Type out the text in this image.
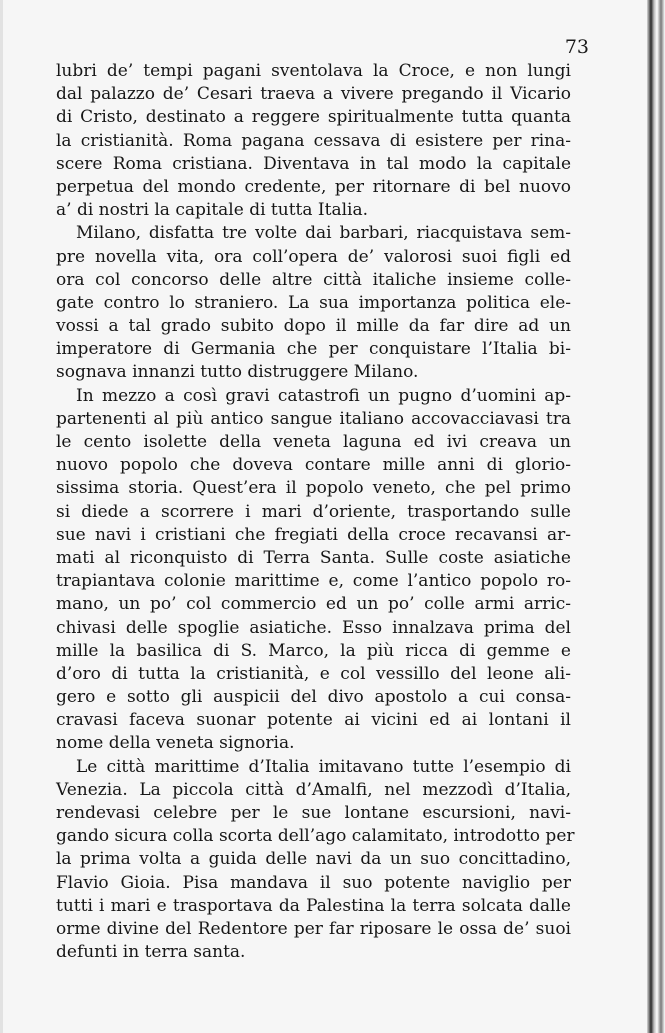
73

lubri de’ tempi pagani sventolava la Croce, e non lungi
dal palazzo de’ Cesari traeva a vivere pregando il Vicario
di Cristo, destinato a reggere spiritualmente tutta quanta
la cristianità. Roma pagana cessava di esistere per rina-
scere Roma cristiana. Diventava in tal modo la capitale
perpetua del mondo credente, per ritornare di bel nuovo
a’ di nostri la capitale di tutta Italia.
Milano, disfatta tre volte dai barbari, riacquistava sem-
pre novella vita, ora coll’opera de’ valorosi suoi figli ed
ora col concorso delle altre città italiche insieme colle-
gate contro lo straniero. La sua importanza politica ele-
vossi a tal grado subito dopo il mille da far dire ad un
imperatore di Germania che per conquistare l’Italia bi-
sognava innanzi tutto distruggere Milano.
In mezzo a così gravi catastrofi un pugno d’uomini ap-
partenenti al più antico sangue italiano accovacciavasi tra
le cento isolette della veneta laguna ed ivi creava un
nuovo popolo che doveva contare mille anni di glorio-
sissima storia. Quest’era il popolo veneto, che pel primo
si diede a scorrere i mari d’oriente, trasportando sulle
sue navi i cristiani che fregiati della croce recavansi ar-
mati al riconquisto di Terra Santa. Sulle coste asiatiche
trapiantava colonie marittime e, come l’antico popolo ro-
mano, un po’ col commercio ed un po’ colle armi arric-
chivasi delle spoglie asiatiche. Esso innalzava prima del
mille la basilica di S. Marco, la più ricca di gemme e
d’oro di tutta la cristianità, e col vessillo del leone ali-
gero e sotto gli auspicii del divo apostolo a cui consa-
cravasi faceva suonar potente ai vicini ed ai lontani il
nome della veneta signoria.
Le città marittime d’Italia imitavano tutte l’esempio di
Venezia. La piccola città d’Amalfi, nel mezzodì d’Italia,
rendevasi celebre per le sue lontane escursioni, navi-
gando sicura colla scorta dell’ago calamitato, introdotto per
la prima volta a guida delle navi da un suo concittadino,
Flavio Gioia. Pisa mandava il suo potente naviglio per
tutti i mari e trasportava da Palestina la terra solcata dalle
orme divine del Redentore per far riposare le ossa de’ suoi
defunti in terra santa.
